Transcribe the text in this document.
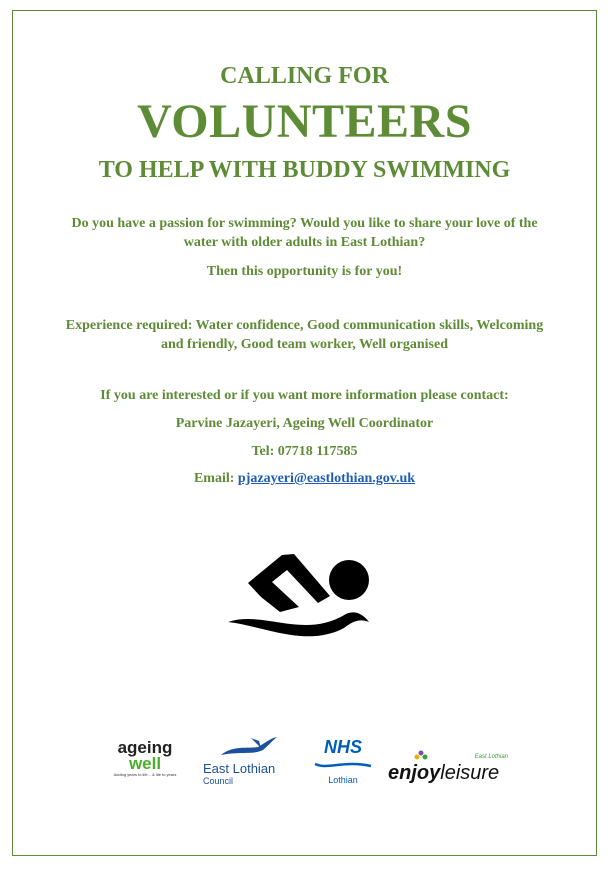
CALLING FOR
VOLUNTEERS
TO HELP WITH BUDDY SWIMMING
Do you have a passion for swimming? Would you like to share your love of the water with older adults in East Lothian?
Then this opportunity is for you!
Experience required: Water confidence, Good communication skills, Welcoming and friendly, Good team worker, Well organised
If you are interested or if you want more information please contact:
Parvine Jazayeri, Ageing Well Coordinator
Tel: 07718 117585
Email: pjazayeri@eastlothian.gov.uk
ageing
well
Adding years to life... & life to years East Lothian
Council
NHS
Lothian
East Lothian
enjoyleisure
